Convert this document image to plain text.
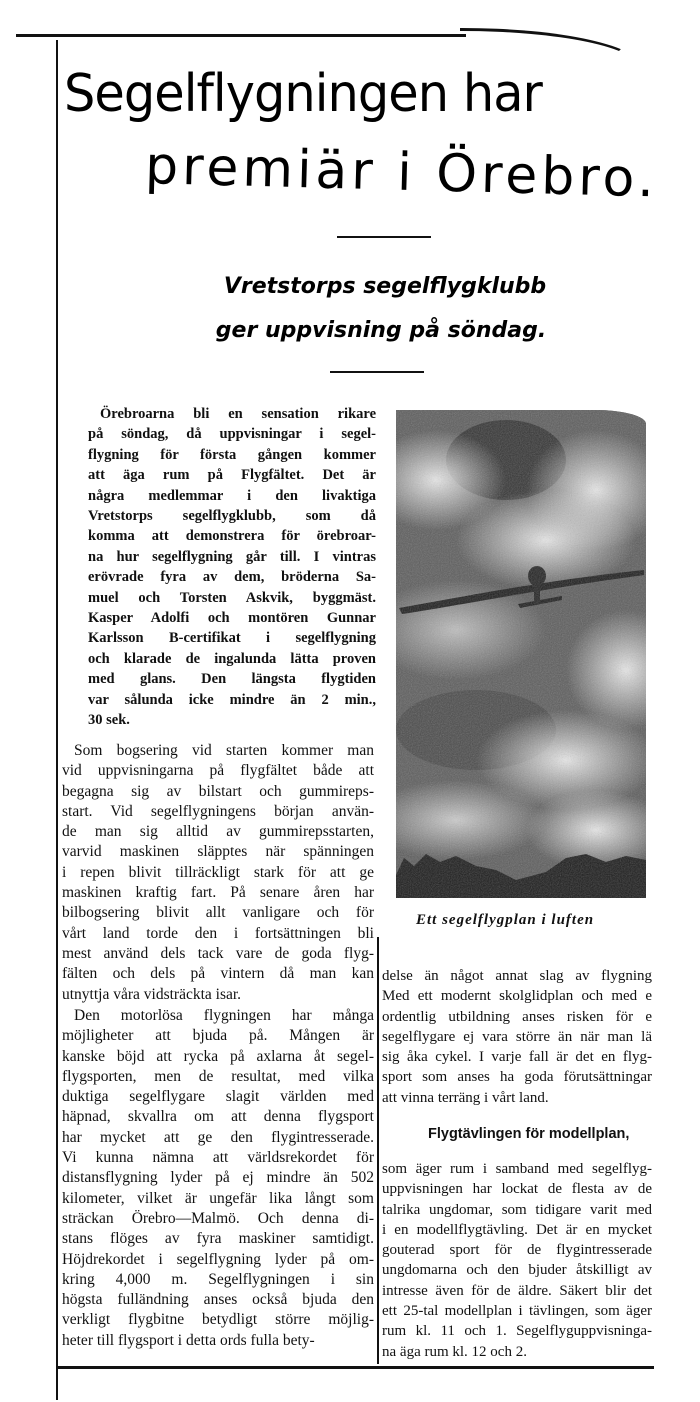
Segelflygningen har
premiär i Örebro.
Vretstorps segelflygklubb
ger uppvisning på söndag.
Örebroarna bli en sensation rikare
på söndag, då uppvisningar i segel-
flygning för första gången kommer
att äga rum på Flygfältet. Det är
några medlemmar i den livaktiga
Vretstorps segelflygklubb, som då
komma att demonstrera för örebroar-
na hur segelflygning går till. I vintras
erövrade fyra av dem, bröderna Sa-
muel och Torsten Askvik, byggmäst.
Kasper Adolfi och montören Gunnar
Karlsson B-certifikat i segelflygning
och klarade de ingalunda lätta proven
med glans. Den längsta flygtiden
var sålunda icke mindre än 2 min.,
30 sek.
Som bogsering vid starten kommer man
vid uppvisningarna på flygfältet både att
begagna sig av bilstart och gummireps-
start. Vid segelflygningens början använ-
de man sig alltid av gummirepsstarten,
varvid maskinen släpptes när spänningen
i repen blivit tillräckligt stark för att ge
maskinen kraftig fart. På senare åren har
bilbogsering blivit allt vanligare och för
vårt land torde den i fortsättningen bli
mest använd dels tack vare de goda flyg-
fälten och dels på vintern då man kan
utnyttja våra vidsträckta isar.
Den motorlösa flygningen har många
möjligheter att bjuda på. Mången är
kanske böjd att rycka på axlarna åt segel-
flygsporten, men de resultat, med vilka
duktiga segelflygare slagit världen med
häpnad, skvallra om att denna flygsport
har mycket att ge den flygintresserade.
Vi kunna nämna att världsrekordet för
distansflygning lyder på ej mindre än 502
kilometer, vilket är ungefär lika långt som
sträckan Örebro—Malmö. Och denna di-
stans flöges av fyra maskiner samtidigt.
Höjdrekordet i segelflygning lyder på om-
kring 4,000 m. Segelflygningen i sin
högsta fulländning anses också bjuda den
verkligt flygbitne betydligt större möjlig-
heter till flygsport i detta ords fulla bety-
Ett segelflygplan i luften
delse än något annat slag av flygning
Med ett modernt skolglidplan och med e
ordentlig utbildning anses risken för e
segelflygare ej vara större än när man lä
sig åka cykel. I varje fall är det en flyg-
sport som anses ha goda förutsättningar
att vinna terräng i vårt land.
Flygtävlingen för modellplan,
som äger rum i samband med segelflyg-
uppvisningen har lockat de flesta av de
talrika ungdomar, som tidigare varit med
i en modellflygtävling. Det är en mycket
gouterad sport för de flygintresserade
ungdomarna och den bjuder åtskilligt av
intresse även för de äldre. Säkert blir det
ett 25-tal modellplan i tävlingen, som äger
rum kl. 11 och 1. Segelflyguppvisninga-
na äga rum kl. 12 och 2.
